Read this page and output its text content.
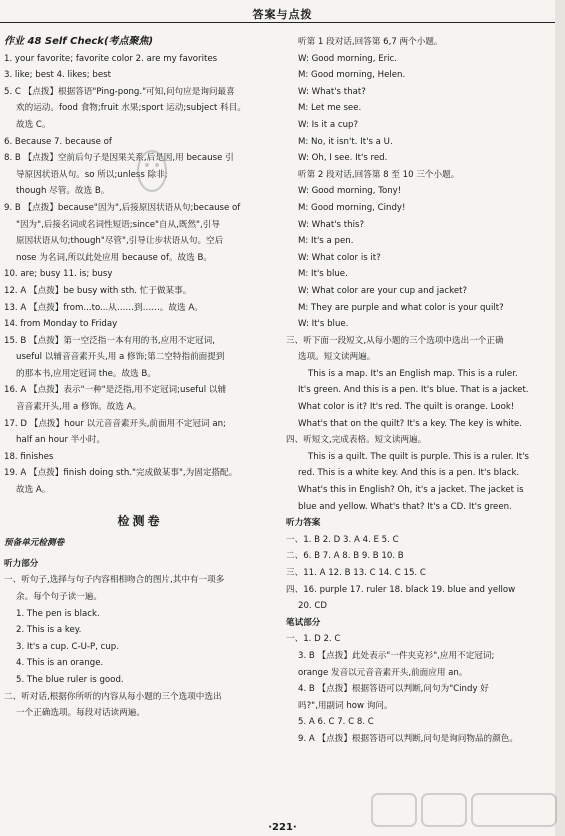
答案与点拨
作业 48 Self Check(考点聚焦)
1. your favorite; favorite color 2. are my favorites
3. like; best 4. likes; best
5. C 【点拨】根据答语"Ping-pong."可知,问句应是询问最喜
欢的运动。food 食物;fruit 水果;sport 运动;subject 科目。
故选 C。
6. Because 7. because of
8. B 【点拨】空前后句子是因果关系,后是因,用 because 引
导原因状语从句。so 所以;unless 除非;
though 尽管。故选 B。
9. B 【点拨】because"因为",后接原因状语从句;because of
"因为",后接名词或名词性短语;since"自从,既然",引导
原因状语从句;though"尽管",引导让步状语从句。空后
nose 为名词,所以此处应用 because of。故选 B。
10. are; busy 11. is; busy
12. A 【点拨】be busy with sth. 忙于做某事。
13. A 【点拨】from...to...从……到……。故选 A。
14. from Monday to Friday
15. B 【点拨】第一空泛指一本有用的书,应用不定冠词,
useful 以辅音音素开头,用 a 修饰;第二空特指前面提到
的那本书,应用定冠词 the。故选 B。
16. A 【点拨】表示"一种"是泛指,用不定冠词;useful 以辅
音音素开头,用 a 修饰。故选 A。
17. D 【点拨】hour 以元音音素开头,前面用不定冠词 an;
half an hour 半小时。
18. finishes
19. A 【点拨】finish doing sth."完成做某事",为固定搭配。
故选 A。
检测卷
预备单元检测卷
听力部分
一、听句子,选择与句子内容相相吻合的图片,其中有一项多
余。每个句子读一遍。
1. The pen is black.
2. This is a key.
3. It's a cup. C-U-P, cup.
4. This is an orange.
5. The blue ruler is good.
二、听对话,根据你所听的内容从每小题的三个选项中选出
一个正确选项。每段对话读两遍。
听第 1 段对话,回答第 6,7 两个小题。
W: Good morning, Eric.
M: Good morning, Helen.
W: What's that?
M: Let me see.
W: Is it a cup?
M: No, it isn't. It's a U.
W: Oh, I see. It's red.
听第 2 段对话,回答第 8 至 10 三个小题。
W: Good morning, Tony!
M: Good morning, Cindy!
W: What's this?
M: It's a pen.
W: What color is it?
M: It's blue.
W: What color are your cup and jacket?
M: They are purple and what color is your quilt?
W: It's blue.
三、听下面一段短文,从每小题的三个选项中选出一个正确
选项。短文读两遍。
This is a map. It's an English map. This is a ruler.
It's green. And this is a pen. It's blue. That is a jacket.
What color is it? It's red. The quilt is orange. Look!
What's that on the quilt? It's a key. The key is white.
四、听短文,完成表格。短文读两遍。
This is a quilt. The quilt is purple. This is a ruler. It's
red. This is a white key. And this is a pen. It's black.
What's this in English? Oh, it's a jacket. The jacket is
blue and yellow. What's that? It's a CD. It's green.
听力答案
一、1. B 2. D 3. A 4. E 5. C
二、6. B 7. A 8. B 9. B 10. B
三、11. A 12. B 13. C 14. C 15. C
四、16. purple 17. ruler 18. black 19. blue and yellow
20. CD
笔试部分
一、1. D 2. C
3. B 【点拨】此处表示"一件夹克衫",应用不定冠词;
orange 发音以元音音素开头,前面应用 an。
4. B 【点拨】根据答语可以判断,问句为"Cindy 好
吗?",用副词 how 询问。
5. A 6. C 7. C 8. C
9. A 【点拨】根据答语可以判断,问句是询问物品的颜色。
·221·
